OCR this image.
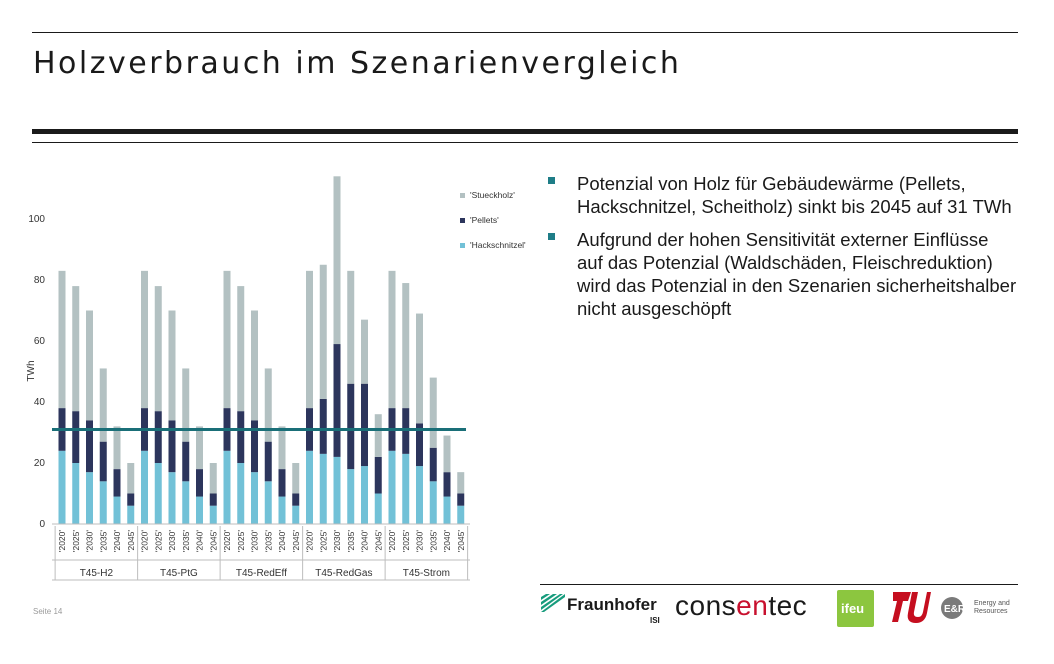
Holzverbrauch im Szenarienvergleich
0
20
40
60
80
100
TWh
'2020' '2025' '2030' '2035' '2040' '2045' '2020' '2025' '2030' '2035' '2040' '2045' '2020' '2025' '2030' '2035' '2040' '2045' '2020' '2025' '2030' '2035' '2040' '2045' '2020' '2025' '2030' '2035' '2040' '2045'
T45-H2	T45-PtG	T45-RedEff	T45-RedGas	T45-Strom
'Stueckholz'
'Pellets'
'Hackschnitzel'
Potenzial von Holz für Gebäudewärme (Pellets, Hackschnitzel, Scheitholz) sinkt bis 2045 auf 31 TWh
Aufgrund der hohen Sensitivität externer Einflüsse auf das Potenzial (Waldschäden, Fleischreduktion) wird das Potenzial in den Szenarien sicherheitshalber nicht ausgeschöpft
Seite 14	Fraunhofer
ISI consentec	ifeu	E&R
Energy and
Resources
